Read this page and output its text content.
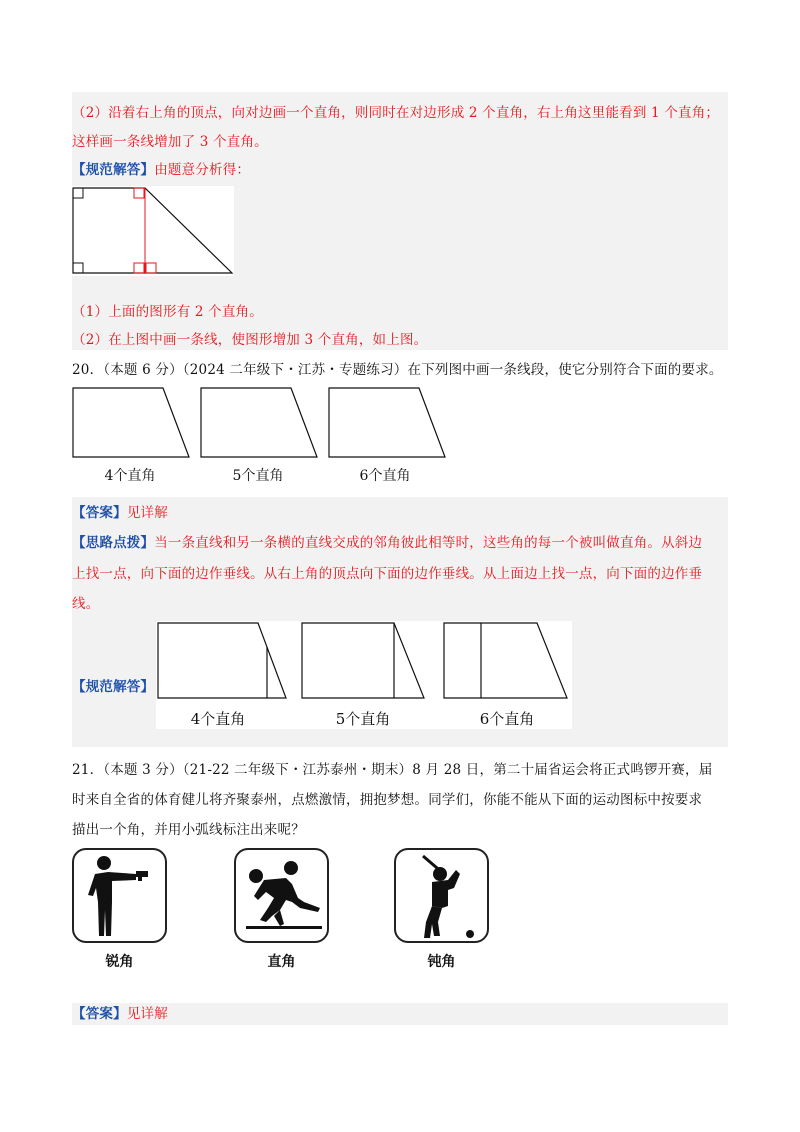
（2）沿着右上角的顶点，向对边画一个直角，则同时在对边形成 2 个直角，右上角这里能看到 1 个直角；
这样画一条线增加了 3 个直角。
【规范解答】由题意分析得：
（1）上面的图形有 2 个直角。
（2）在上图中画一条线，使图形增加 3 个直角，如上图。
20．（本题 6 分）（2024 二年级下・江苏・专题练习）在下列图中画一条线段，使它分别符合下面的要求。
4个直角	5个直角	6个直角
【答案】见详解
【思路点拨】当一条直线和另一条横的直线交成的邻角彼此相等时，这些角的每一个被叫做直角。从斜边
上找一点，向下面的边作垂线。从右上角的顶点向下面的边作垂线。从上面边上找一点，向下面的边作垂
线。
4个直角	5个直角	6个直角
【规范解答】
21．（本题 3 分）（21-22 二年级下・江苏泰州・期末）8 月 28 日，第二十届省运会将正式鸣锣开赛，届
时来自全省的体育健儿将齐聚泰州，点燃激情，拥抱梦想。同学们，你能不能从下面的运动图标中按要求
描出一个角，并用小弧线标注出来呢？
锐角	直角	钝角
【答案】见详解
